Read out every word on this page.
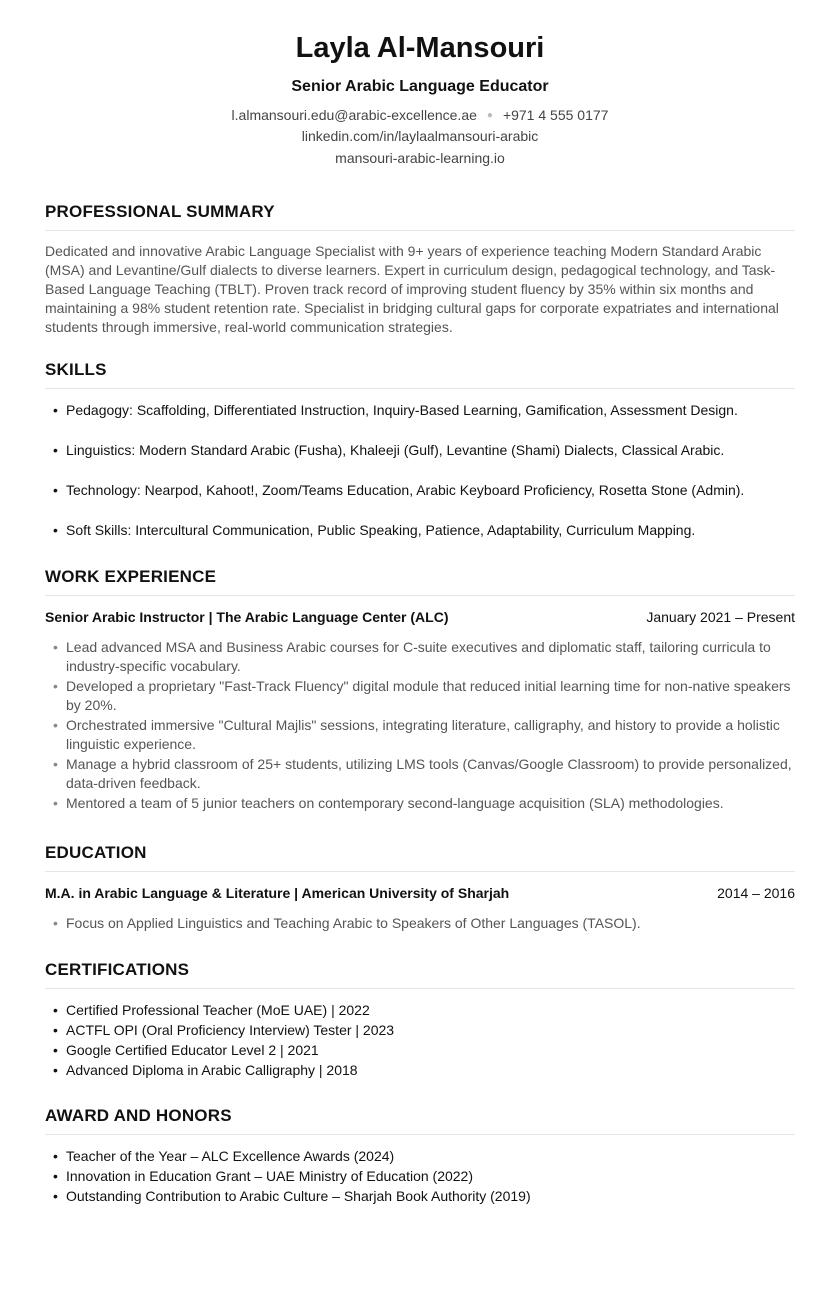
Layla Al-Mansouri
Senior Arabic Language Educator
l.almansouri.edu@arabic-excellence.ae ● +971 4 555 0177
linkedin.com/in/laylaalmansouri-arabic
mansouri-arabic-learning.io
PROFESSIONAL SUMMARY
Dedicated and innovative Arabic Language Specialist with 9+ years of experience teaching Modern Standard Arabic (MSA) and Levantine/Gulf dialects to diverse learners. Expert in curriculum design, pedagogical technology, and Task-Based Language Teaching (TBLT). Proven track record of improving student fluency by 35% within six months and maintaining a 98% student retention rate. Specialist in bridging cultural gaps for corporate expatriates and international students through immersive, real-world communication strategies.
SKILLS
• Pedagogy: Scaffolding, Differentiated Instruction, Inquiry-Based Learning, Gamification, Assessment Design.
• Linguistics: Modern Standard Arabic (Fusha), Khaleeji (Gulf), Levantine (Shami) Dialects, Classical Arabic.
• Technology: Nearpod, Kahoot!, Zoom/Teams Education, Arabic Keyboard Proficiency, Rosetta Stone (Admin).
• Soft Skills: Intercultural Communication, Public Speaking, Patience, Adaptability, Curriculum Mapping.
WORK EXPERIENCE
Senior Arabic Instructor | The Arabic Language Center (ALC)	January 2021 – Present
• Lead advanced MSA and Business Arabic courses for C-suite executives and diplomatic staff, tailoring curricula to industry-specific vocabulary.
• Developed a proprietary "Fast-Track Fluency" digital module that reduced initial learning time for non-native speakers by 20%.
• Orchestrated immersive "Cultural Majlis" sessions, integrating literature, calligraphy, and history to provide a holistic linguistic experience.
• Manage a hybrid classroom of 25+ students, utilizing LMS tools (Canvas/Google Classroom) to provide personalized, data-driven feedback.
• Mentored a team of 5 junior teachers on contemporary second-language acquisition (SLA) methodologies.
EDUCATION
M.A. in Arabic Language & Literature | American University of Sharjah	2014 – 2016
• Focus on Applied Linguistics and Teaching Arabic to Speakers of Other Languages (TASOL).
CERTIFICATIONS
• Certified Professional Teacher (MoE UAE) | 2022
• ACTFL OPI (Oral Proficiency Interview) Tester | 2023
• Google Certified Educator Level 2 | 2021
• Advanced Diploma in Arabic Calligraphy | 2018
AWARD AND HONORS
• Teacher of the Year – ALC Excellence Awards (2024)
• Innovation in Education Grant – UAE Ministry of Education (2022)
• Outstanding Contribution to Arabic Culture – Sharjah Book Authority (2019)
